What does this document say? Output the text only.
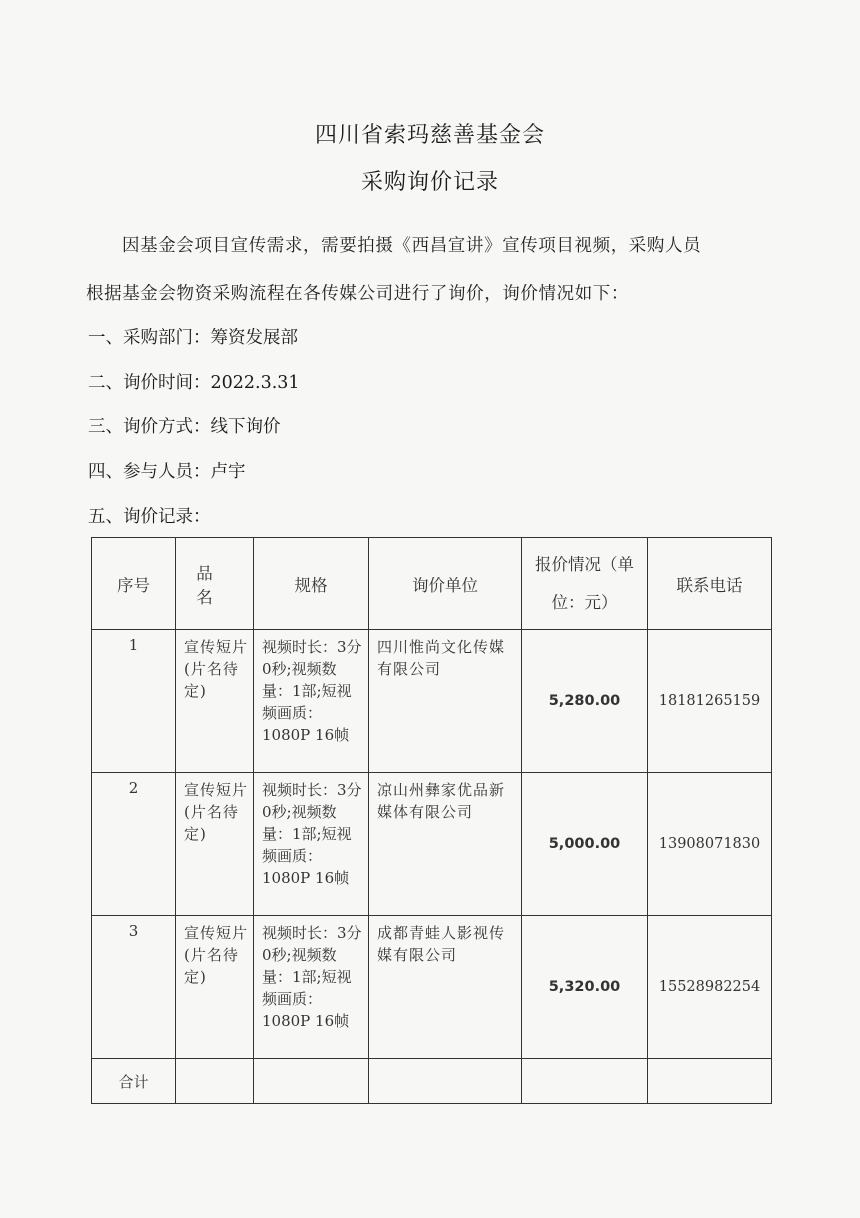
四川省索玛慈善基金会
采购询价记录
因基金会项目宣传需求，需要拍摄《西昌宣讲》宣传项目视频，采购人员
根据基金会物资采购流程在各传媒公司进行了询价，询价情况如下：
一、采购部门：筹资发展部
二、询价时间：2022.3.31
三、询价方式：线下询价
四、参与人员：卢宇
五、询价记录：
序号	品 名	规格	询价单位	报价情况（单位：元）	联系电话
1	宣传短片(片名待定)	视频时长：3分0秒;视频数量：1部;短视频画质：1080P 16帧	四川惟尚文化传媒有限公司	5,280.00	18181265159
2	宣传短片(片名待定)	视频时长：3分0秒;视频数量：1部;短视频画质：1080P 16帧	凉山州彝家优品新媒体有限公司	5,000.00	13908071830
3	宣传短片(片名待定)	视频时长：3分0秒;视频数量：1部;短视频画质：1080P 16帧	成都青蛙人影视传媒有限公司	5,320.00	15528982254
合计					
